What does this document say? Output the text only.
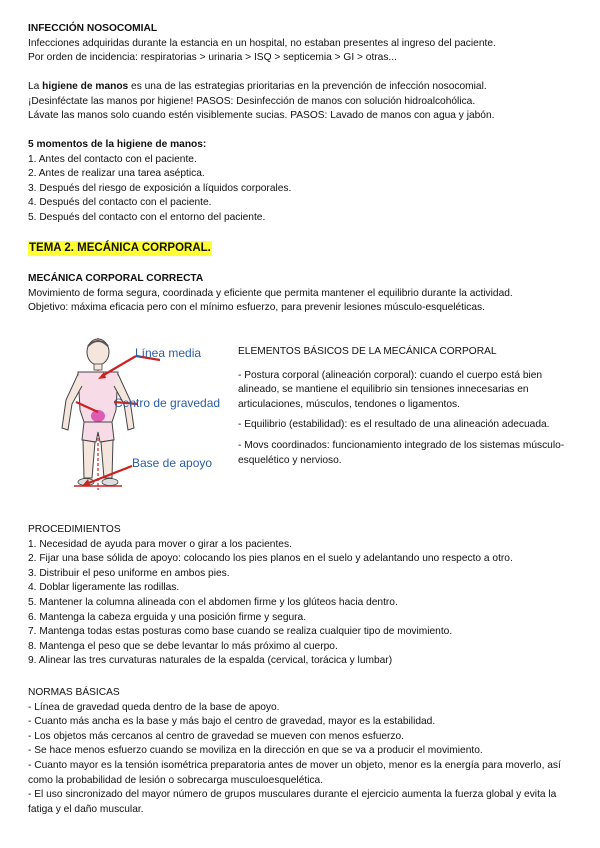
INFECCIÓN NOSOCOMIAL
Infecciones adquiridas durante la estancia en un hospital, no estaban presentes al ingreso del paciente.
Por orden de incidencia: respiratorias > urinaria > ISQ > septicemia > GI > otras...
La higiene de manos es una de las estrategias prioritarias en la prevención de infección nosocomial.
¡Desinféctate las manos por higiene! PASOS: Desinfección de manos con solución hidroalcohólica.
Lávate las manos solo cuando estén visiblemente sucias. PASOS: Lavado de manos con agua y jabón.
5 momentos de la higiene de manos:
1. Antes del contacto con el paciente.
2. Antes de realizar una tarea aséptica.
3. Después del riesgo de exposición a líquidos corporales.
4. Después del contacto con el paciente.
5. Después del contacto con el entorno del paciente.
TEMA 2. MECÁNICA CORPORAL.
MECÁNICA CORPORAL CORRECTA
Movimiento de forma segura, coordinada y eficiente que permita mantener el equilibrio durante la actividad.
Objetivo: máxima eficacia pero con el mínimo esfuerzo, para prevenir lesiones músculo-esqueléticas.
Línea media
Centro de gravedad
Base de apoyo

ELEMENTOS BÁSICOS DE LA MECÁNICA CORPORAL

- Postura corporal (alineación corporal): cuando el cuerpo está bien alineado, se mantiene el equilibrio sin tensiones innecesarias en articulaciones, músculos, tendones o ligamentos.

- Equilibrio (estabilidad): es el resultado de una alineación adecuada.

- Movs coordinados: funcionamiento integrado de los sistemas músculo-esquelético y nervioso.

PROCEDIMIENTOS
1. Necesidad de ayuda para mover o girar a los pacientes.
2. Fijar una base sólida de apoyo: colocando los pies planos en el suelo y adelantando uno respecto a otro.
3. Distribuir el peso uniforme en ambos pies.
4. Doblar ligeramente las rodillas.
5. Mantener la columna alineada con el abdomen firme y los glúteos hacia dentro.
6. Mantenga la cabeza erguida y una posición firme y segura.
7. Mantenga todas estas posturas como base cuando se realiza cualquier tipo de movimiento.
8. Mantenga el peso que se debe levantar lo más próximo al cuerpo.
9. Alinear las tres curvaturas naturales de la espalda (cervical, torácica y lumbar)
NORMAS BÁSICAS
- Línea de gravedad queda dentro de la base de apoyo.
- Cuanto más ancha es la base y más bajo el centro de gravedad, mayor es la estabilidad.
- Los objetos más cercanos al centro de gravedad se mueven con menos esfuerzo.
- Se hace menos esfuerzo cuando se moviliza en la dirección en que se va a producir el movimiento.
- Cuanto mayor es la tensión isométrica preparatoria antes de mover un objeto, menor es la energía para moverlo, así como la probabilidad de lesión o sobrecarga musculoesquelética.
- El uso sincronizado del mayor número de grupos musculares durante el ejercicio aumenta la fuerza global y evita la fatiga y el daño muscular.
